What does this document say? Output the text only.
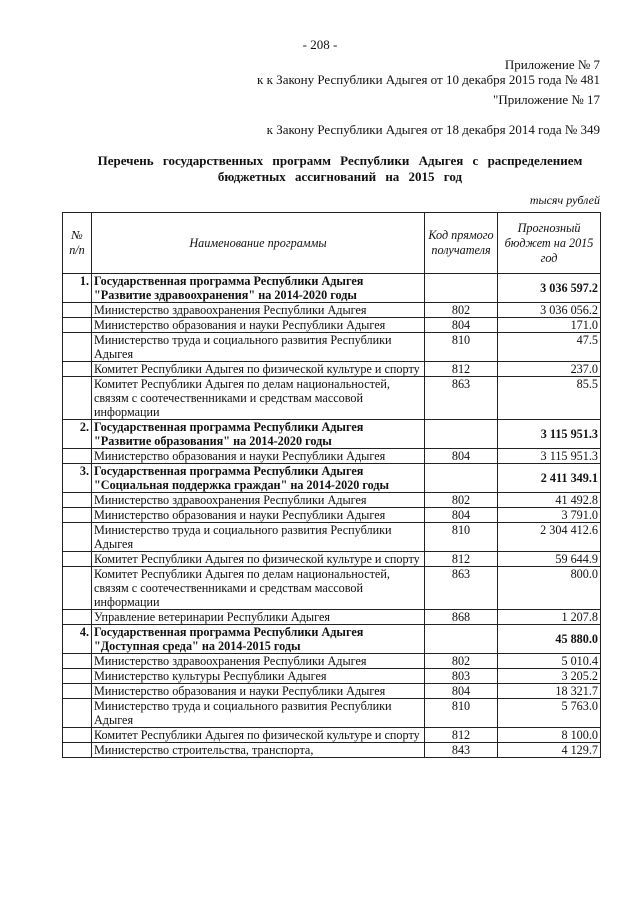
- 208 -
Приложение № 7
к к Закону Республики Адыгея от 10 декабря 2015 года № 481
"Приложение № 17
к Закону Республики Адыгея от 18 декабря 2014 года № 349
Перечень государственных программ Республики Адыгея с распределением
бюджетных ассигнований на 2015 год
тысяч рублей
№ п/п	Наименование программы	Код прямого получателя	Прогнозный бюджет на 2015 год
1.	Государственная программа Республики Адыгея "Развитие здравоохранения" на 2014-2020 годы		3 036 597.2
	Министерство здравоохранения Республики Адыгея	802	3 036 056.2
	Министерство образования и науки Республики Адыгея	804	171.0
	Министерство труда и социального развития Республики Адыгея	810	47.5
	Комитет Республики Адыгея по физической культуре и спорту	812	237.0
	Комитет Республики Адыгея по делам национальностей, связям с соотечественниками и средствам массовой информации	863	85.5
2.	Государственная программа Республики Адыгея "Развитие образования" на 2014-2020 годы		3 115 951.3
	Министерство образования и науки Республики Адыгея	804	3 115 951.3
3.	Государственная программа Республики Адыгея "Социальная поддержка граждан" на 2014-2020 годы		2 411 349.1
	Министерство здравоохранения Республики Адыгея	802	41 492.8
	Министерство образования и науки Республики Адыгея	804	3 791.0
	Министерство труда и социального развития Республики Адыгея	810	2 304 412.6
	Комитет Республики Адыгея по физической культуре и спорту	812	59 644.9
	Комитет Республики Адыгея по делам национальностей, связям с соотечественниками и средствам массовой информации	863	800.0
	Управление ветеринарии Республики Адыгея	868	1 207.8
4.	Государственная программа Республики Адыгея "Доступная среда" на 2014-2015 годы		45 880.0
	Министерство здравоохранения Республики Адыгея	802	5 010.4
	Министерство культуры Республики Адыгея	803	3 205.2
	Министерство образования и науки Республики Адыгея	804	18 321.7
	Министерство труда и социального развития Республики Адыгея	810	5 763.0
	Комитет Республики Адыгея по физической культуре и спорту	812	8 100.0
	Министерство строительства, транспорта,	843	4 129.7
